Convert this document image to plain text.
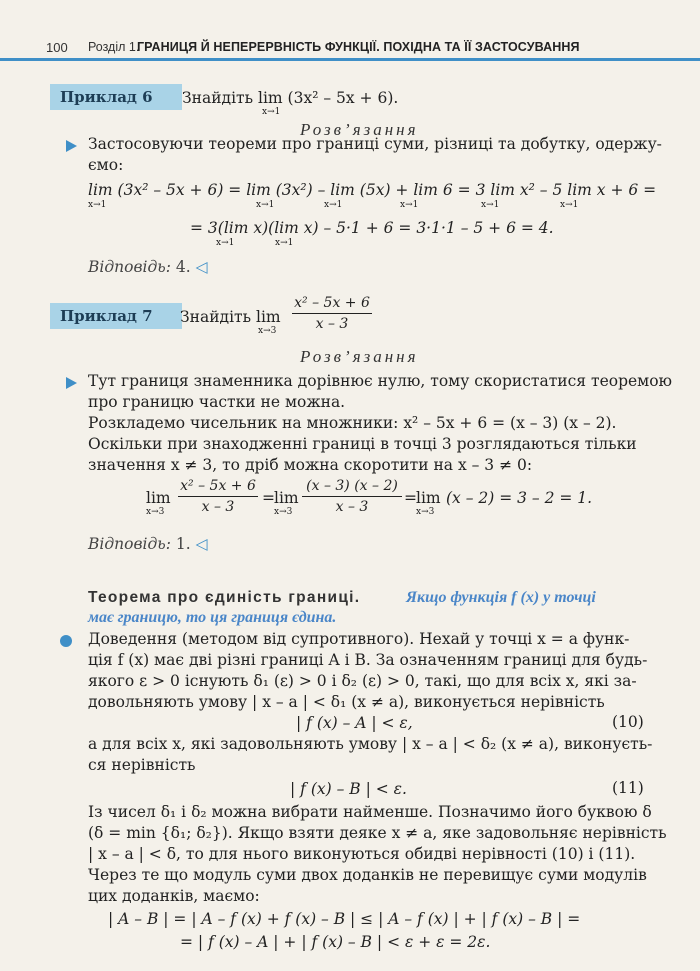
100 Розділ 1.
ГРАНИЦЯ Й НЕПЕРЕРВНІСТЬ ФУНКЦІЇ. ПОХІДНА ТА ЇЇ ЗАСТОСУВАННЯ
Приклад 6	Знайдіть lim (3x² – 5x + 6).
x→1
Розв’язання
Застосовуючи теореми про границі суми, різниці та добутку, одержу-
ємо:
lim (3x² – 5x + 6) = lim (3x²) – lim (5x) + lim 6 = 3 lim x² – 5 lim x + 6 =
x→1	x→1	x→1	x→1	x→1	x→1
= 3(lim x)(lim x) – 5·1 + 6 = 3·1·1 – 5 + 6 = 4.
x→1	x→1
Відповідь: 4. ◁
Приклад 7	Знайдіть lim
$x\to 3 \frac{\text{x² – 5x + 6}}{x - 3}$
Розв’язання
Тут границя знаменника дорівнює нулю, тому скористатися теоремою
про границю частки не можна.
Розкладемо чисельник на множники: x² – 5x + 6 = (x – 3) (x – 2).
Оскільки при знаходженні границі в точці 3 розглядаються тільки
значення x ≠ 3, то дріб можна скоротити на x – 3 ≠ 0:
lim
x→3
x² – 5x + 6
x – 3	= lim
x→3
(x – 3) (x – 2)
x – 3	= lim
x→3
(x – 2) = 3 – 2 = 1.
Відповідь: 1. ◁
Теорема про єдиність границі.	Якщо функція f (x) у точці
має границю, то ця границя єдина.
Доведення (методом від супротивного). Нехай у точці x = a функ-
ція f (x) має дві різні границі A і B. За означенням границі для будь-
якого ε > 0 існують δ₁ (ε) > 0 і δ₂ (ε) > 0, такі, що для всіх x, які за-
довольняють умову | x – a | < δ₁ (x ≠ a), виконується нерівність
| f (x) – A | < ε,	(10)
а для всіх x, які задовольняють умову | x – a | < δ₂ (x ≠ a), виконуєть-
ся нерівність
| f (x) – B | < ε.	(11)
Із чисел δ₁ і δ₂ можна вибрати найменше. Позначимо його буквою δ
(δ = min {δ₁; δ₂}). Якщо взяти деяке x ≠ a, яке задовольняє нерівність
| x – a | < δ, то для нього виконуються обидві нерівності (10) і (11).
Через те що модуль суми двох доданків не перевищує суми модулів
цих доданків, маємо:
| A – B | = | A – f (x) + f (x) – B | ≤ | A – f (x) | + | f (x) – B | =
= | f (x) – A | + | f (x) – B | < ε + ε = 2ε.
